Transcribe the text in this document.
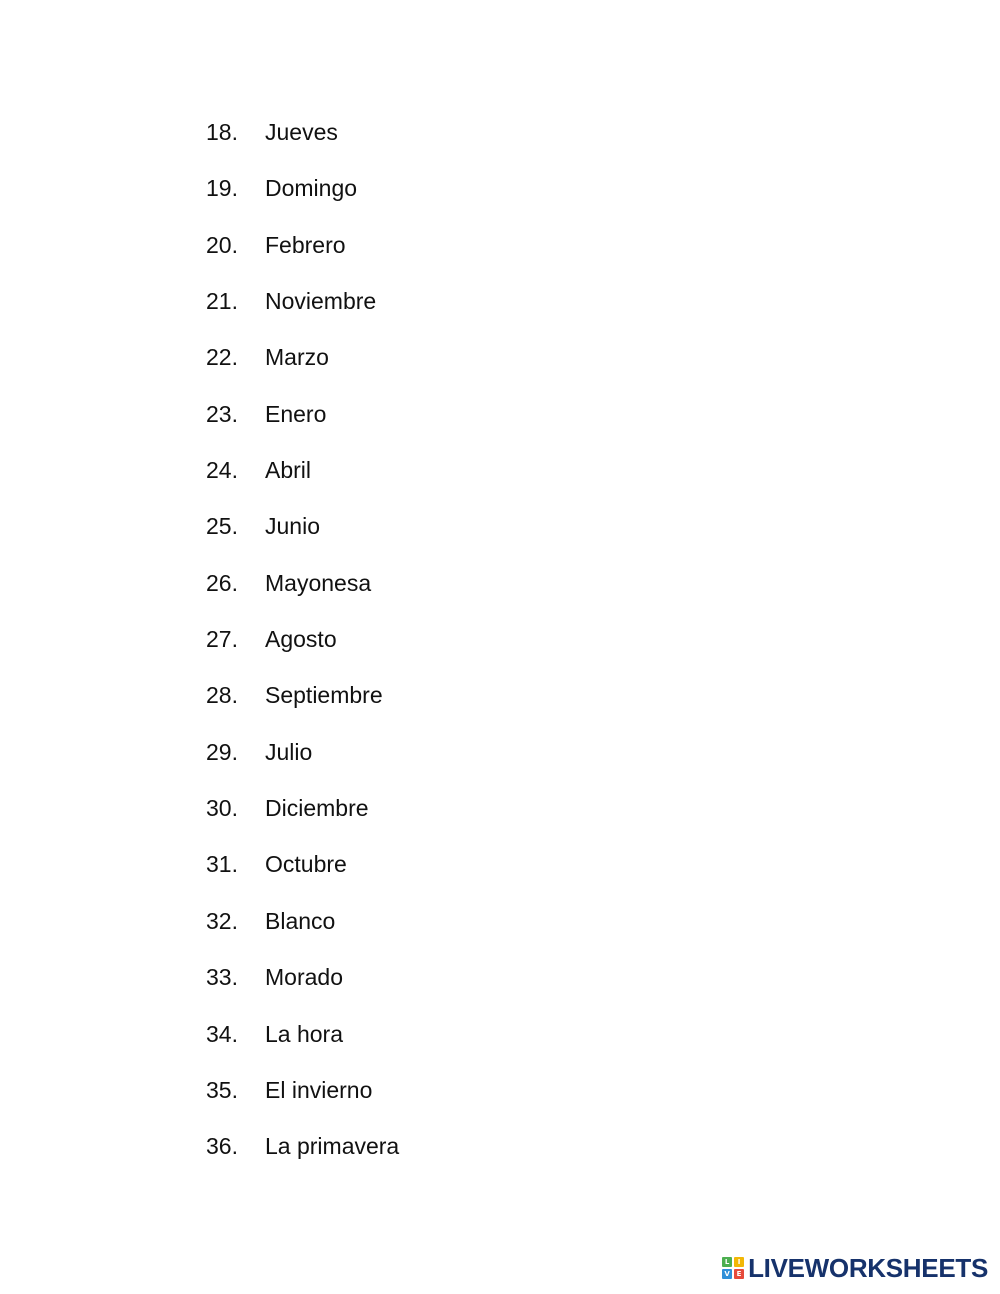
18.	Jueves
19.	Domingo
20.	Febrero
21.	Noviembre
22.	Marzo
23.	Enero
24.	Abril
25.	Junio
26.	Mayonesa
27.	Agosto
28.	Septiembre
29.	Julio
30.	Diciembre
31.	Octubre
32.	Blanco
33.	Morado
34.	La hora
35.	El invierno
36.	La primavera
L	I
V E LIVEWORKSHEETS
